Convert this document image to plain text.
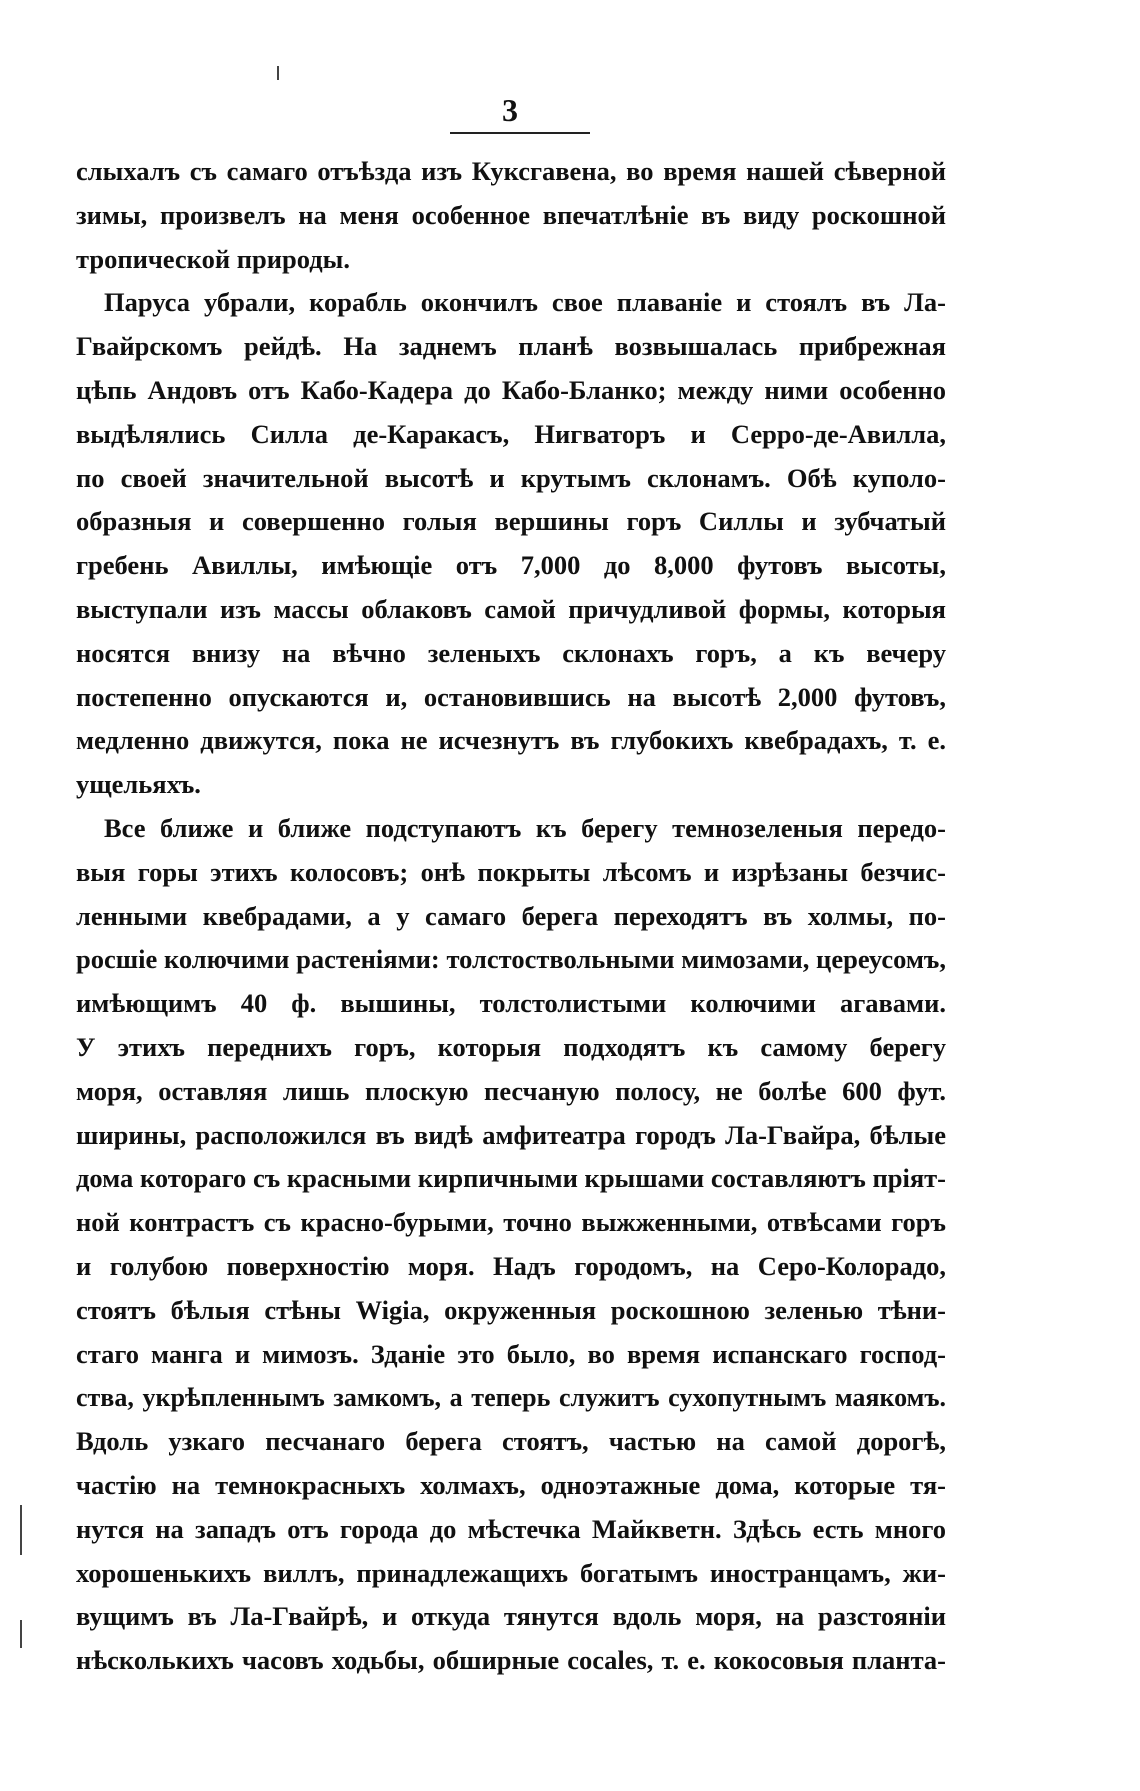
3
слыхалъ съ самаго отъѣзда изъ Куксгавена, во время нашей сѣверной
зимы, произвелъ на меня особенное впечатлѣніе въ виду роскошной
тропической природы.
Паруса убрали, корабль окончилъ свое плаваніе и стоялъ въ Ла-
Гвайрскомъ рейдѣ. На заднемъ планѣ возвышалась прибрежная
цѣпь Андовъ отъ Кабо-Кадера до Кабо-Бланко; между ними особенно
выдѣлялись Силла де-Каракасъ, Нигваторъ и Серро-де-Авилла,
по своей значительной высотѣ и крутымъ склонамъ. Обѣ куполо-
образныя и совершенно голыя вершины горъ Силлы и зубчатый
гребень Авиллы, имѣющіе отъ 7,000 до 8,000 футовъ высоты,
выступали изъ массы облаковъ самой причудливой формы, которыя
носятся внизу на вѣчно зеленыхъ склонахъ горъ, а къ вечеру
постепенно опускаются и, остановившись на высотѣ 2,000 футовъ,
медленно движутся, пока не исчезнутъ въ глубокихъ квебрадахъ, т. е.
ущельяхъ.
Все ближе и ближе подступаютъ къ берегу темнозеленыя передо-
выя горы этихъ колосовъ; онѣ покрыты лѣсомъ и изрѣзаны безчис-
ленными квебрадами, а у самаго берега переходятъ въ холмы, по-
росшіе колючими растеніями: толстоствольными мимозами, цереусомъ,
имѣющимъ 40 ф. вышины, толстолистыми колючими агавами.
У этихъ переднихъ горъ, которыя подходятъ къ самому берегу
моря, оставляя лишь плоскую песчаную полосу, не болѣе 600 фут.
ширины, расположился въ видѣ амфитеатра городъ Ла-Гвайра, бѣлые
дома котораго съ красными кирпичными крышами составляютъ пріят-
ной контрастъ съ красно-бурыми, точно выжженными, отвѣсами горъ
и голубою поверхностію моря. Надъ городомъ, на Серо-Колорадо,
стоятъ бѣлыя стѣны Wigia, окруженныя роскошною зеленью тѣни-
стаго манга и мимозъ. Зданіе это было, во время испанскаго господ-
ства, укрѣпленнымъ замкомъ, а теперь служитъ сухопутнымъ маякомъ.
Вдоль узкаго песчанаго берега стоятъ, частью на самой дорогѣ,
частію на темнокрасныхъ холмахъ, одноэтажные дома, которые тя-
нутся на западъ отъ города до мѣстечка Майкветн. Здѣсь есть много
хорошенькихъ виллъ, принадлежащихъ богатымъ иностранцамъ, жи-
вущимъ въ Ла-Гвайрѣ, и откуда тянутся вдоль моря, на разстояніи
нѣсколькихъ часовъ ходьбы, обширные cocales, т. е. кокосовыя планта-
